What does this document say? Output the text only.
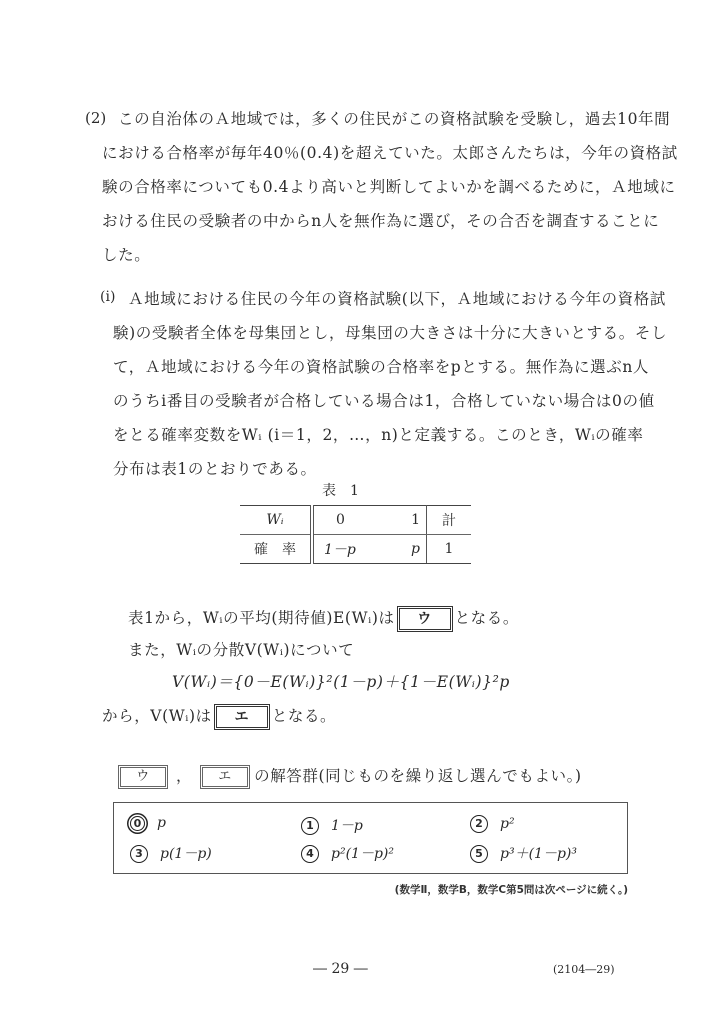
(2) この自治体のＡ地域では，多くの住民がこの資格試験を受験し，過去10年間
における合格率が毎年40％(0.4)を超えていた。太郎さんたちは，今年の資格試
験の合格率についても0.4より高いと判断してよいかを調べるために，Ａ地域に
おける住民の受験者の中からn人を無作為に選び，その合否を調査することに
した。
(i) Ａ地域における住民の今年の資格試験(以下，Ａ地域における今年の資格試
験)の受験者全体を母集団とし，母集団の大きさは十分に大きいとする。そし
て，Ａ地域における今年の資格試験の合格率をpとする。無作為に選ぶn人
のうちi番目の受験者が合格している場合は1，合格していない場合は0の値
をとる確率変数をWᵢ (i＝1，2，…，n)と定義する。このとき，Wᵢの確率
分布は表1のとおりである。
表　1
Wᵢ	0	1	計
確　率	1－p	p	1
表1から，Wᵢの平均(期待値)E(Wᵢ)は ウ となる。
また，Wᵢの分散V(Wᵢ)について
V(Wᵢ)＝{0－E(Wᵢ)}²(1－p)＋{1－E(Wᵢ)}²p
から，V(Wᵢ)は エ となる。
ウ ， エ の解答群(同じものを繰り返し選んでもよい。)
0 p	1 1－p	2 p²
3 p(1－p)	4 p²(1－p)²	5 p³＋(1－p)³
(数学Ⅱ，数学B，数学C第5問は次ページに続く。)
― 29 ―	(2104―29)
